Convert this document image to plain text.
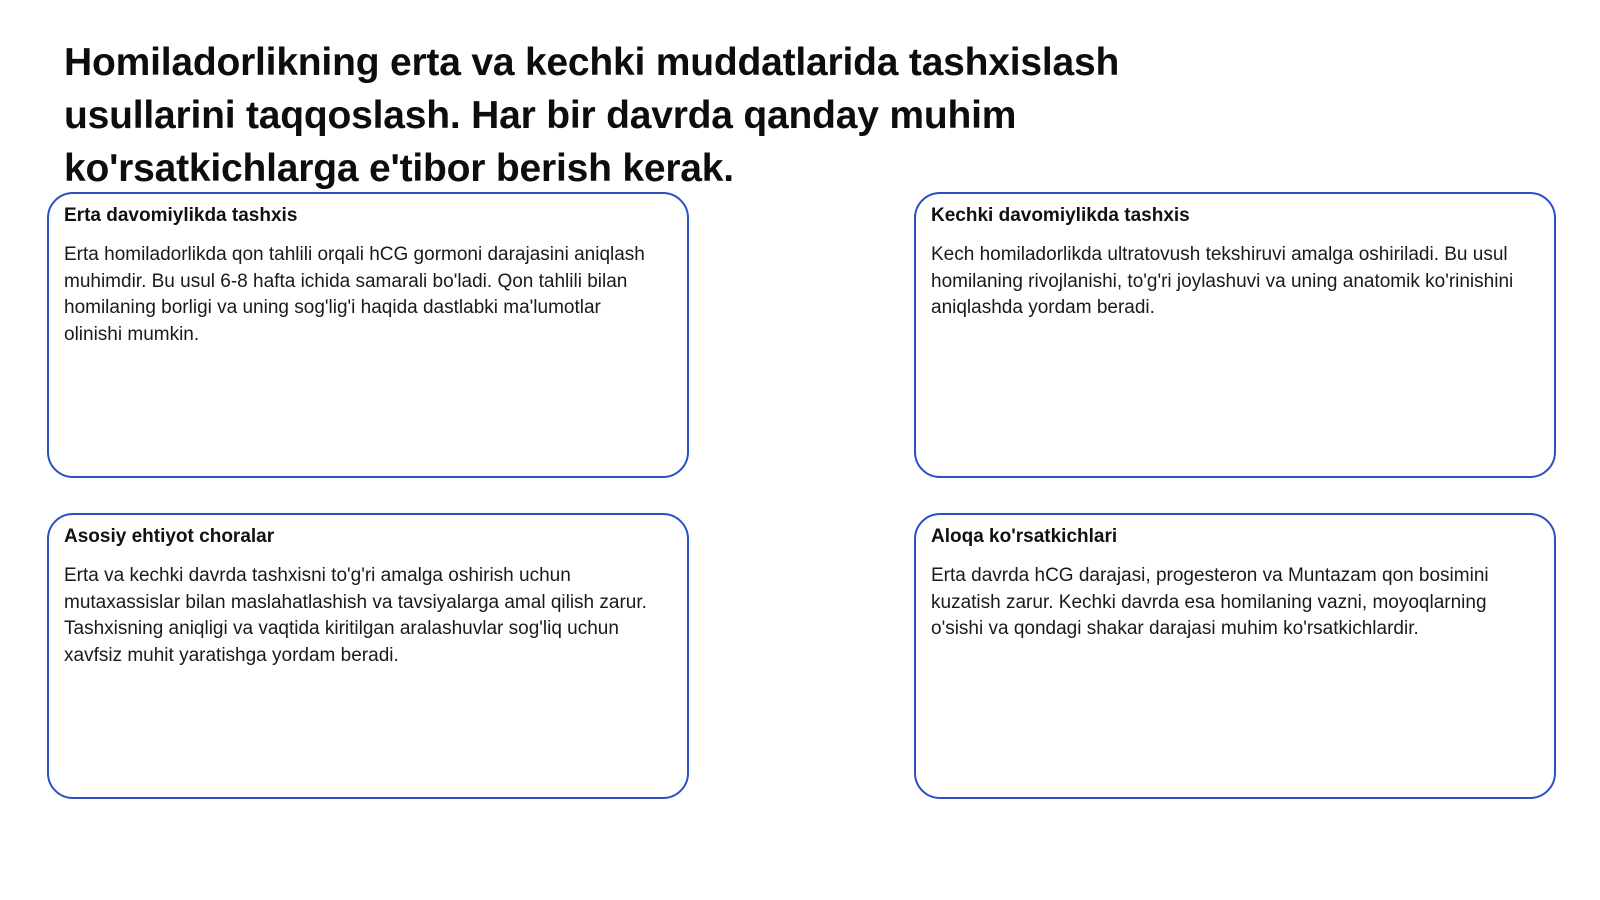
Homiladorlikning erta va kechki muddatlarida tashxislash usullarini taqqoslash. Har bir davrda qanday muhim ko'rsatkichlarga e'tibor berish kerak.
Erta davomiylikda tashxis

Erta homiladorlikda qon tahlili orqali hCG gormoni darajasini aniqlash muhimdir. Bu usul 6-8 hafta ichida samarali bo'ladi. Qon tahlili bilan homilaning borligi va uning sog'lig'i haqida dastlabki ma'lumotlar olinishi mumkin.

Kechki davomiylikda tashxis

Kech homiladorlikda ultratovush tekshiruvi amalga oshiriladi. Bu usul homilaning rivojlanishi, to'g'ri joylashuvi va uning anatomik ko'rinishini aniqlashda yordam beradi.

Asosiy ehtiyot choralar

Erta va kechki davrda tashxisni to'g'ri amalga oshirish uchun mutaxassislar bilan maslahatlashish va tavsiyalarga amal qilish zarur. Tashxisning aniqligi va vaqtida kiritilgan aralashuvlar sog'liq uchun xavfsiz muhit yaratishga yordam beradi.

Aloqa ko'rsatkichlari

Erta davrda hCG darajasi, progesteron va Muntazam qon bosimini kuzatish zarur. Kechki davrda esa homilaning vazni, moyoqlarning o'sishi va qondagi shakar darajasi muhim ko'rsatkichlardir.
